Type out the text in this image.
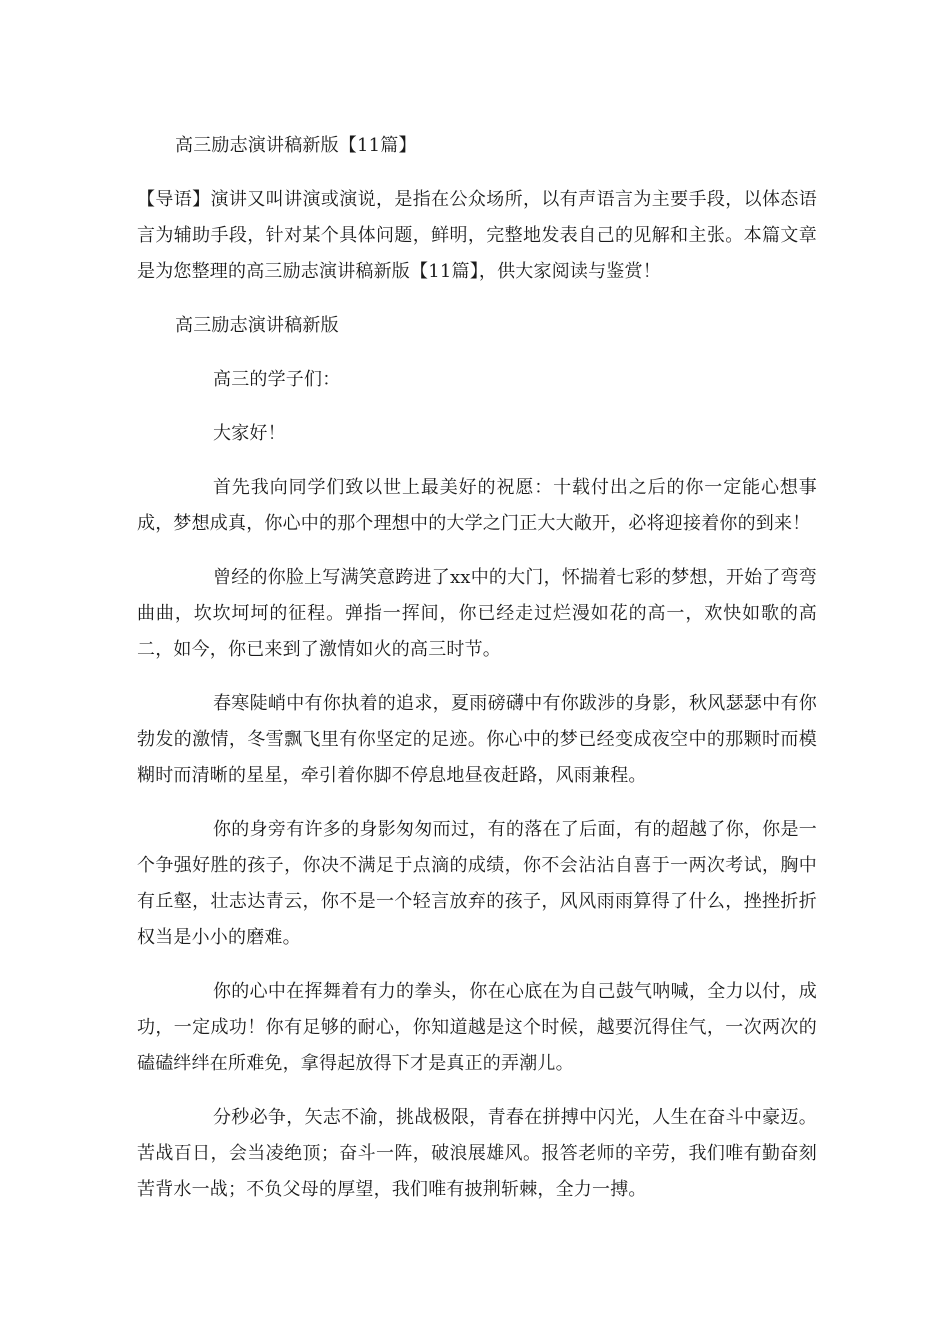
高三励志演讲稿新版【11篇】

【导语】演讲又叫讲演或演说，是指在公众场所，以有声语言为主要手段，以体态语言为辅助手段，针对某个具体问题，鲜明，完整地发表自己的见解和主张。本篇文章是为您整理的高三励志演讲稿新版【11篇】，供大家阅读与鉴赏！

高三励志演讲稿新版

高三的学子们：

大家好！

首先我向同学们致以世上最美好的祝愿：十载付出之后的你一定能心想事成，梦想成真，你心中的那个理想中的大学之门正大大敞开，必将迎接着你的到来！

曾经的你脸上写满笑意跨进了xx中的大门，怀揣着七彩的梦想，开始了弯弯曲曲，坎坎坷坷的征程。弹指一挥间，你已经走过烂漫如花的高一，欢快如歌的高二，如今，你已来到了激情如火的高三时节。

春寒陡峭中有你执着的追求，夏雨磅礴中有你跋涉的身影，秋风瑟瑟中有你勃发的激情，冬雪飘飞里有你坚定的足迹。你心中的梦已经变成夜空中的那颗时而模糊时而清晰的星星，牵引着你脚不停息地昼夜赶路，风雨兼程。

你的身旁有许多的身影匆匆而过，有的落在了后面，有的超越了你，你是一个争强好胜的孩子，你决不满足于点滴的成绩，你不会沾沾自喜于一两次考试，胸中有丘壑，壮志达青云，你不是一个轻言放弃的孩子，风风雨雨算得了什么，挫挫折折权当是小小的磨难。

你的心中在挥舞着有力的拳头，你在心底在为自己鼓气呐喊，全力以付，成功，一定成功！你有足够的耐心，你知道越是这个时候，越要沉得住气，一次两次的磕磕绊绊在所难免，拿得起放得下才是真正的弄潮儿。

分秒必争，矢志不渝，挑战极限，青春在拼搏中闪光，人生在奋斗中豪迈。苦战百日，会当凌绝顶；奋斗一阵，破浪展雄风。报答老师的辛劳，我们唯有勤奋刻苦背水一战；不负父母的厚望，我们唯有披荆斩棘，全力一搏。
